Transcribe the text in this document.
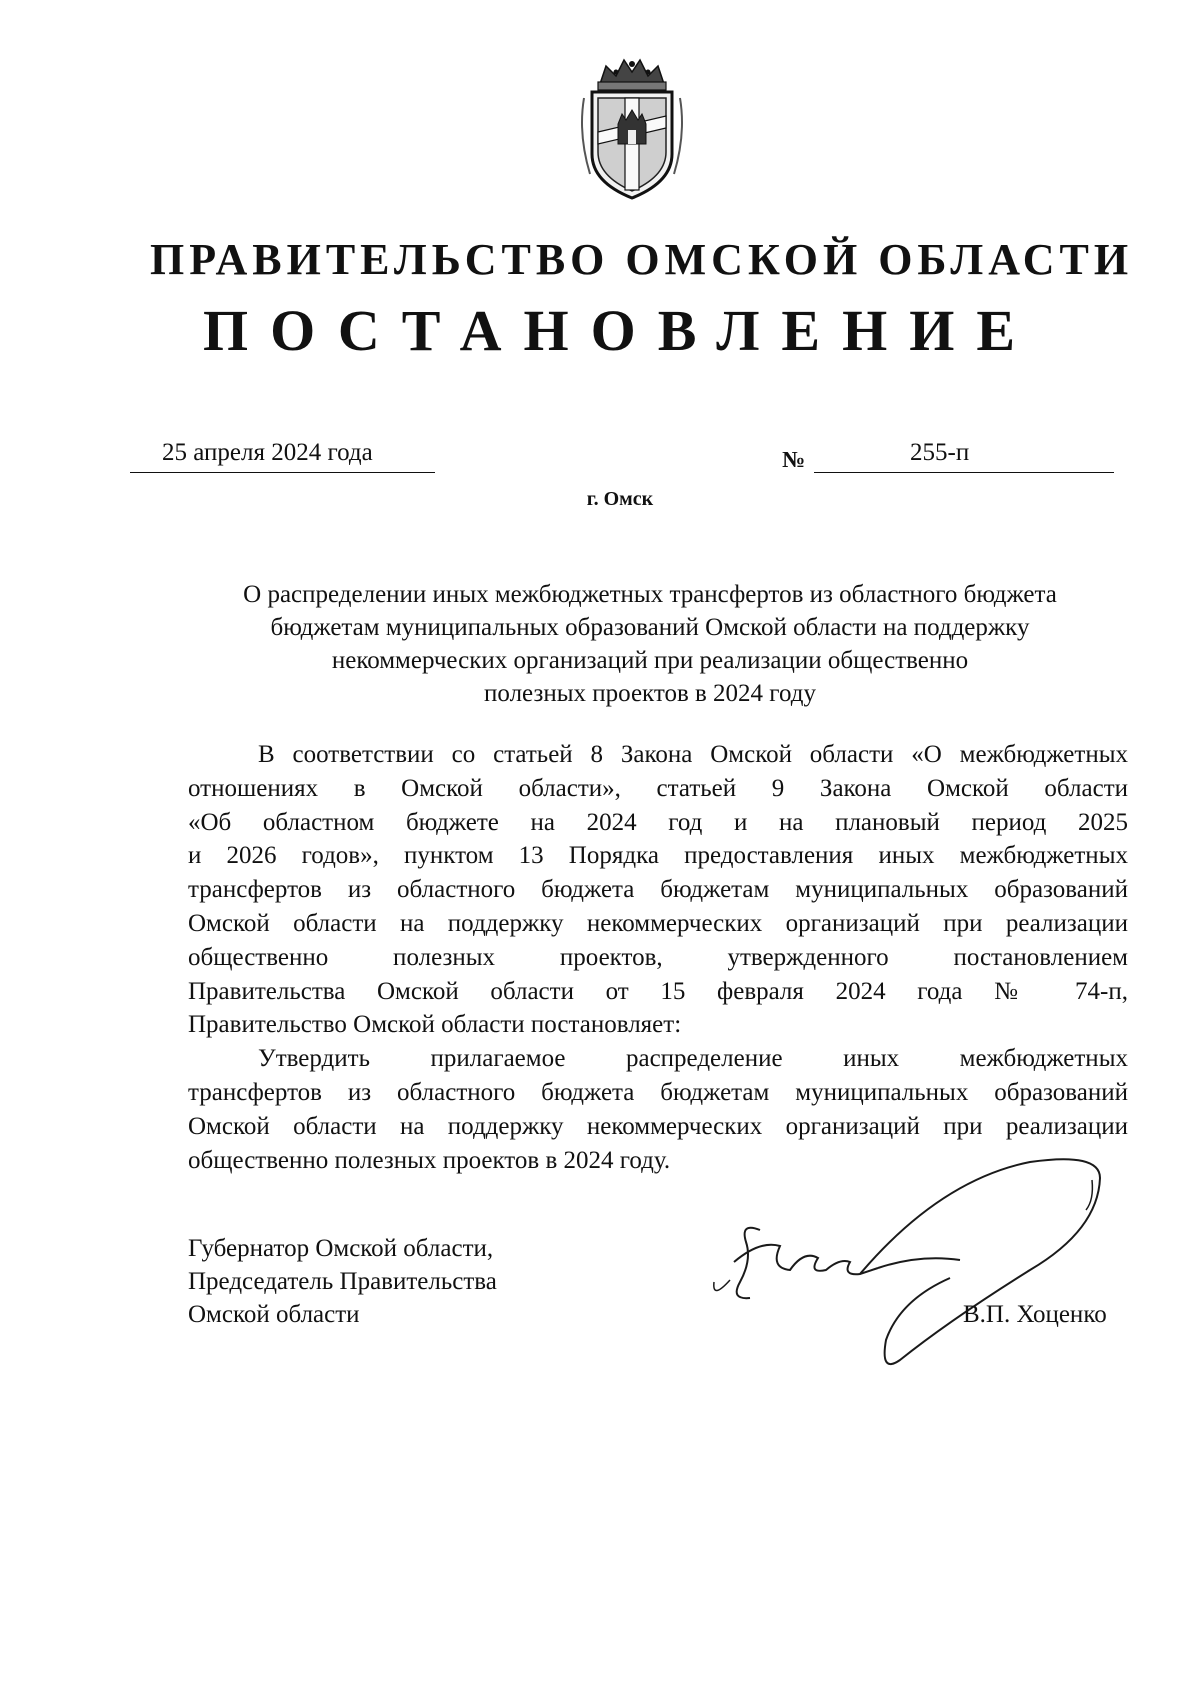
ПРАВИТЕЛЬСТВО ОМСКОЙ ОБЛАСТИ
ПОСТАНОВЛЕНИЕ
25 апреля 2024 года	№	255-п
г. Омск
О распределении иных межбюджетных трансфертов из областного бюджета
бюджетам муниципальных образований Омской области на поддержку
некоммерческих организаций при реализации общественно
полезных проектов в 2024 году
В соответствии со статьей 8 Закона Омской области «О межбюджетных
отношениях в Омской области», статьей 9 Закона Омской области
«Об областном бюджете на 2024 год и на плановый период 2025
и 2026 годов», пунктом 13 Порядка предоставления иных межбюджетных
трансфертов из областного бюджета бюджетам муниципальных образований
Омской области на поддержку некоммерческих организаций при реализации
общественно полезных проектов, утвержденного постановлением
Правительства Омской области от 15 февраля 2024 года № 74-п,
Правительство Омской области постановляет:
Утвердить прилагаемое распределение иных межбюджетных
трансфертов из областного бюджета бюджетам муниципальных образований
Омской области на поддержку некоммерческих организаций при реализации
общественно полезных проектов в 2024 году.
Губернатор Омской области,
Председатель Правительства
Омской области	В.П. Хоценко
